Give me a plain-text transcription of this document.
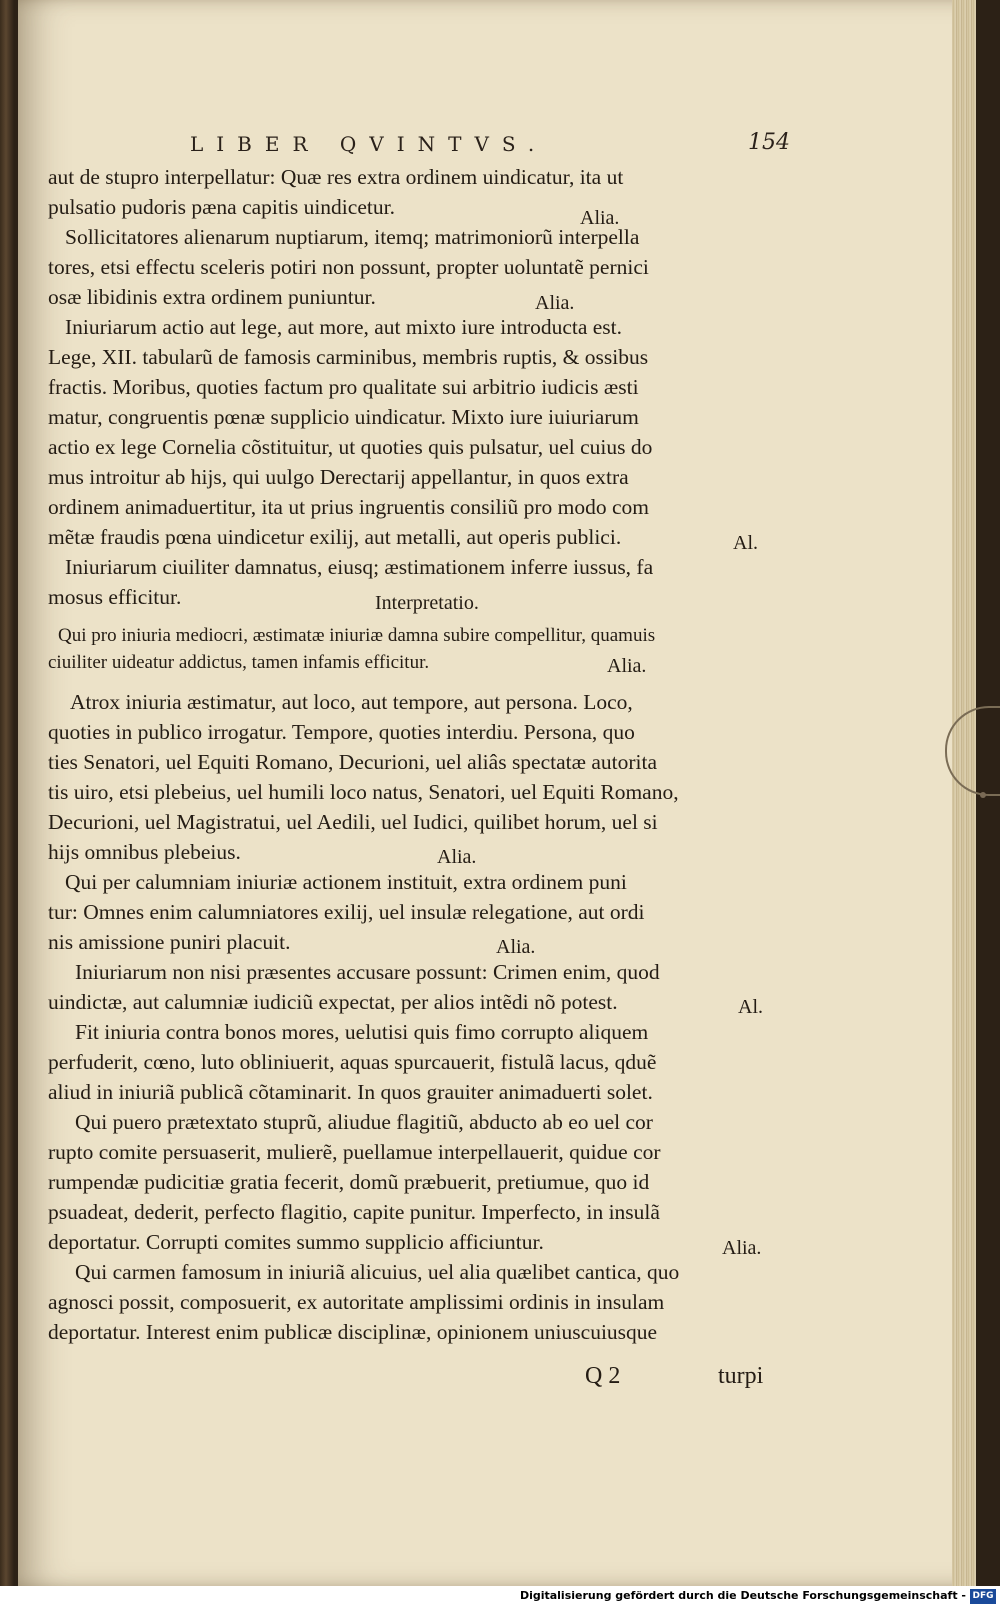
LIBER QVINTVS.	154
aut de stupro interpellatur: Quæ res extra ordinem uindicatur, ita ut
pulsatio pudoris pæna capitis uindicetur.
Sollicitatores alienarum nuptiarum, itemq; matrimoniorũ interpella
tores, etsi effectu sceleris potiri non possunt, propter uoluntatẽ pernici
osæ libidinis extra ordinem puniuntur.
Iniuriarum actio aut lege, aut more, aut mixto iure introducta est.
Lege, XII. tabularũ de famosis carminibus, membris ruptis, & ossibus
fractis. Moribus, quoties factum pro qualitate sui arbitrio iudicis æsti
matur, congruentis pœnæ supplicio uindicatur. Mixto iure iuiuriarum
actio ex lege Cornelia cõstituitur, ut quoties quis pulsatur, uel cuius do
mus introitur ab hijs, qui uulgo Derectarij appellantur, in quos extra
ordinem animaduertitur, ita ut prius ingruentis consiliũ pro modo com
mẽtæ fraudis pœna uindicetur exilij, aut metalli, aut operis publici.
Iniuriarum ciuiliter damnatus, eiusq; æstimationem inferre iussus, fa
mosus efficitur.
Qui pro iniuria mediocri, æstimatæ iniuriæ damna subire compellitur, quamuis
ciuiliter uideatur addictus, tamen infamis efficitur.
Atrox iniuria æstimatur, aut loco, aut tempore, aut persona. Loco,
quoties in publico irrogatur. Tempore, quoties interdiu. Persona, quo
ties Senatori, uel Equiti Romano, Decurioni, uel aliâs spectatæ autorita
tis uiro, etsi plebeius, uel humili loco natus, Senatori, uel Equiti Romano,
Decurioni, uel Magistratui, uel Aedili, uel Iudici, quilibet horum, uel si
hijs omnibus plebeius.
Qui per calumniam iniuriæ actionem instituit, extra ordinem puni
tur: Omnes enim calumniatores exilij, uel insulæ relegatione, aut ordi
nis amissione puniri placuit.
Iniuriarum non nisi præsentes accusare possunt: Crimen enim, quod
uindictæ, aut calumniæ iudiciũ expectat, per alios intẽdi nõ potest.
Fit iniuria contra bonos mores, uelutisi quis fimo corrupto aliquem
perfuderit, cœno, luto obliniuerit, aquas spurcauerit, fistulã lacus, qduẽ
aliud in iniuriã publicã cõtaminarit. In quos grauiter animaduerti solet.
Qui puero prætextato stuprũ, aliudue flagitiũ, abducto ab eo uel cor
rupto comite persuaserit, mulierẽ, puellamue interpellauerit, quidue cor
rumpendæ pudicitiæ gratia fecerit, domũ præbuerit, pretiumue, quo id
psuadeat, dederit, perfecto flagitio, capite punitur. Imperfecto, in insulã
deportatur. Corrupti comites summo supplicio afficiuntur.
Qui carmen famosum in iniuriã alicuius, uel alia quælibet cantica, quo
agnosci possit, composuerit, ex autoritate amplissimi ordinis in insulam
deportatur. Interest enim publicæ disciplinæ, opinionem uniuscuiusque
Alia.
Alia.
Al.
Interpretatio.
Alia.
Alia.
Alia.
Al.
Alia.
Q 2	turpi
Digitalisierung gefördert durch die Deutsche Forschungsgemeinschaft - DFG
